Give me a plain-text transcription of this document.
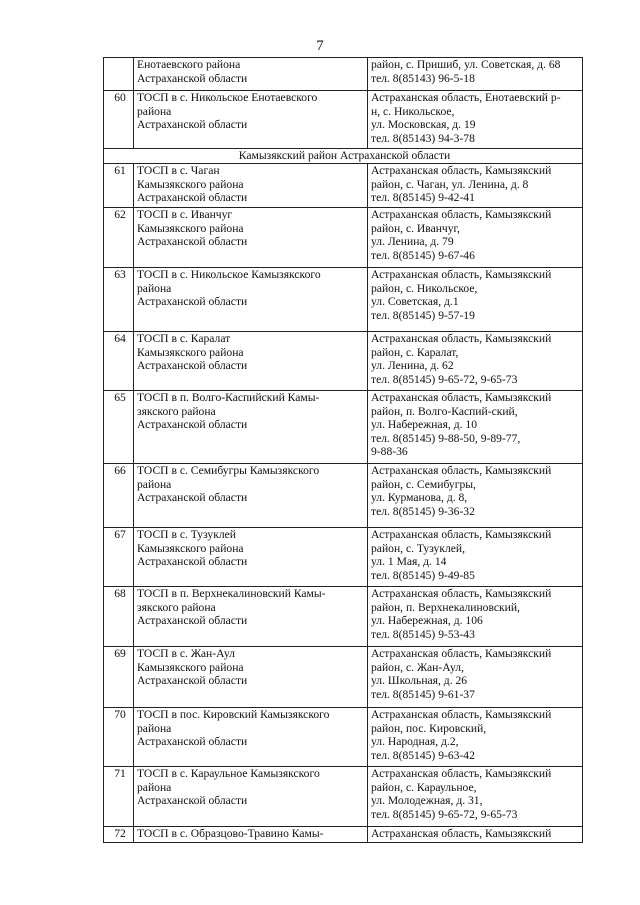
7
	Енотаевского района
Астраханской области	район, с. Пришиб, ул. Советская, д. 68
тел. 8(85143) 96-5-18
60	ТОСП в с. Никольское Енотаевского
района
Астраханской области	Астраханская область, Енотаевский р-
н, с. Никольское,
ул. Московская, д. 19
тел. 8(85143) 94-3-78
Камызякский район Астраханской области		
61	ТОСП в с. Чаган
Камызякского района
Астраханской области	Астраханская область, Камызякский
район, с. Чаган, ул. Ленина, д. 8
тел. 8(85145) 9-42-41
62	ТОСП в с. Иванчуг
Камызякского района
Астраханской области	Астраханская область, Камызякский
район, с. Иванчуг,
ул. Ленина, д. 79
тел. 8(85145) 9-67-46
63	ТОСП в с. Никольское Камызякского
района
Астраханской области	Астраханская область, Камызякский
район, с. Никольское,
ул. Советская, д.1
тел. 8(85145) 9-57-19
64	ТОСП в с. Каралат
Камызякского района
Астраханской области	Астраханская область, Камызякский
район, с. Каралат,
ул. Ленина, д. 62
тел. 8(85145) 9-65-72, 9-65-73
65	ТОСП в п. Волго-Каспийский Камы-
зякского района
Астраханской области	Астраханская область, Камызякский
район, п. Волго-Каспий-ский,
ул. Набережная, д. 10
тел. 8(85145) 9-88-50, 9-89-77,
9-88-36
66	ТОСП в с. Семибугры Камызякского
района
Астраханской области	Астраханская область, Камызякский
район, с. Семибугры,
ул. Курманова, д. 8,
тел. 8(85145) 9-36-32
67	ТОСП в с. Тузуклей
Камызякского района
Астраханской области	Астраханская область, Камызякский
район, с. Тузуклей,
ул. 1 Мая, д. 14
тел. 8(85145) 9-49-85
68	ТОСП в п. Верхнекалиновский Камы-
зякского района
Астраханской области	Астраханская область, Камызякский
район, п. Верхнекалиновский,
ул. Набережная, д. 106
тел. 8(85145) 9-53-43
69	ТОСП в с. Жан-Аул
Камызякского района
Астраханской области	Астраханская область, Камызякский
район, с. Жан-Аул,
ул. Школьная, д. 26
тел. 8(85145) 9-61-37
70	ТОСП в пос. Кировский Камызякского
района
Астраханской области	Астраханская область, Камызякский
район, пос. Кировский,
ул. Народная, д.2,
тел. 8(85145) 9-63-42
71	ТОСП в с. Караульное Камызякского
района
Астраханской области	Астраханская область, Камызякский
район, с. Караульное,
ул. Молодежная, д. 31,
тел. 8(85145) 9-65-72, 9-65-73
72	ТОСП в с. Образцово-Травино Камы-	Астраханская область, Камызякский
